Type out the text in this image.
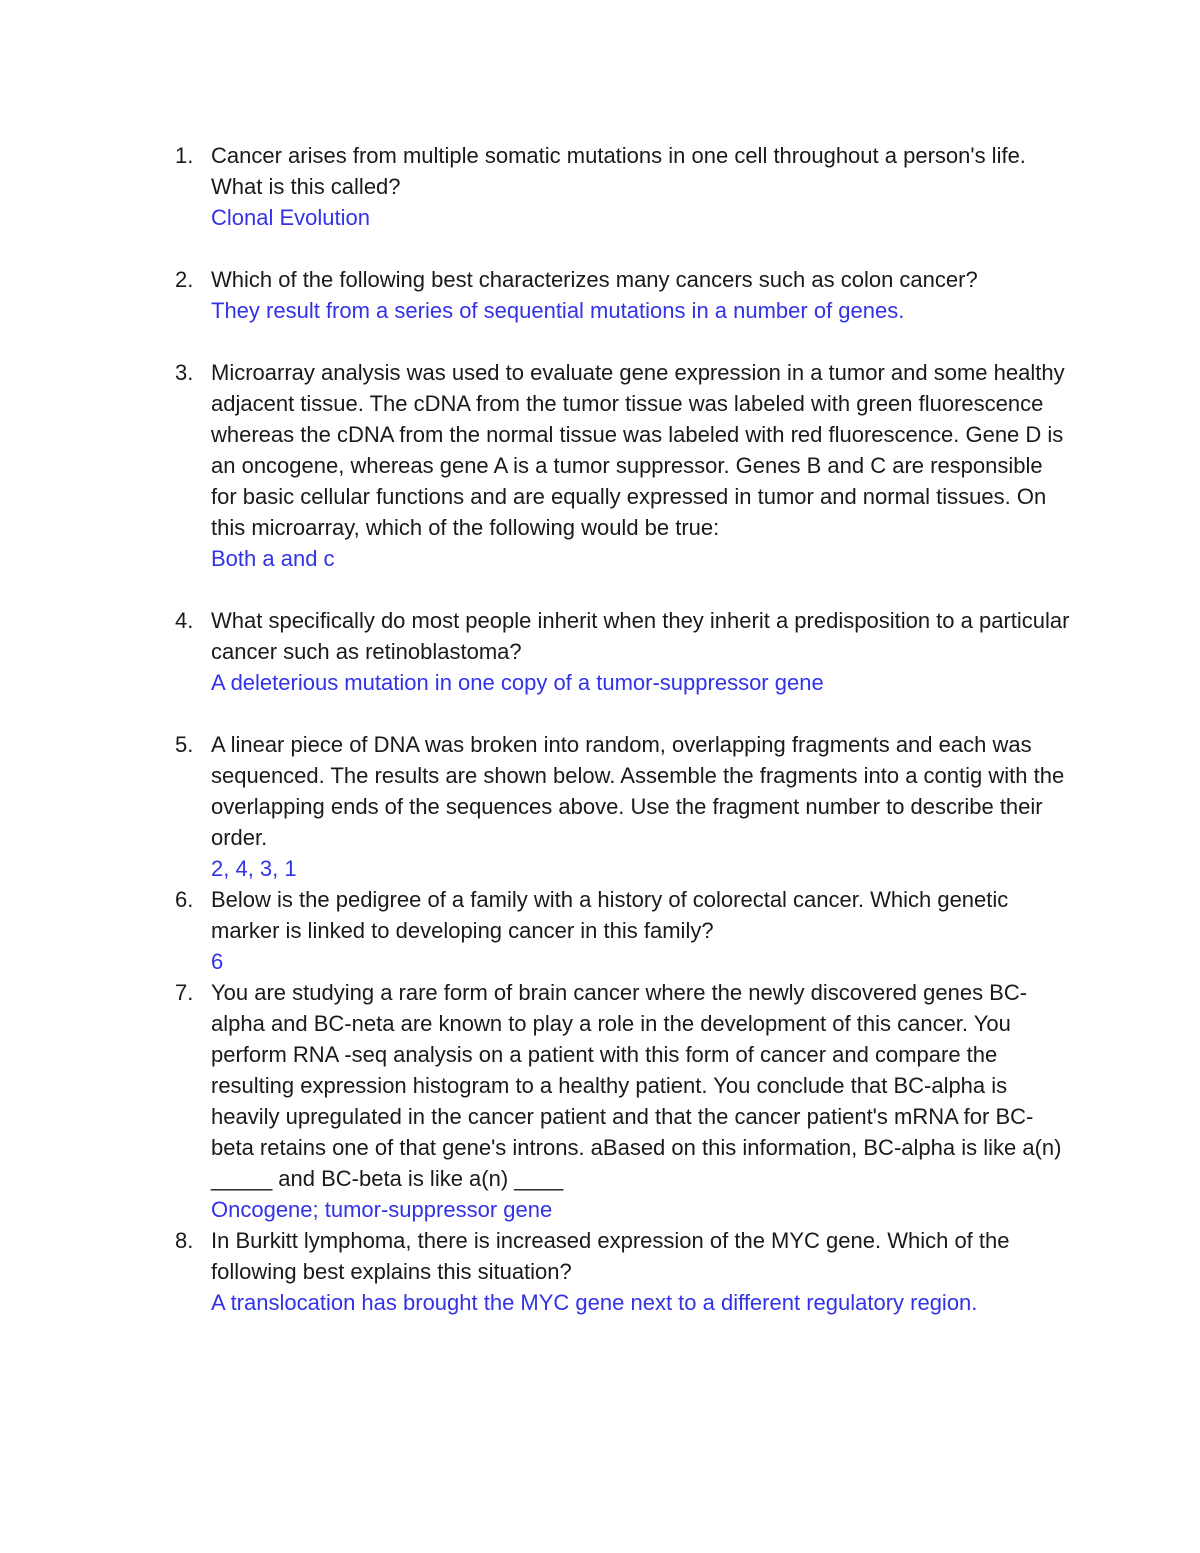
1. Cancer arises from multiple somatic mutations in one cell throughout a person's life. What is this called?
Clonal Evolution
2. Which of the following best characterizes many cancers such as colon cancer?
They result from a series of sequential mutations in a number of genes.
3. Microarray analysis was used to evaluate gene expression in a tumor and some healthy adjacent tissue. The cDNA from the tumor tissue was labeled with green fluorescence whereas the cDNA from the normal tissue was labeled with red fluorescence. Gene D is an oncogene, whereas gene A is a tumor suppressor. Genes B and C are responsible for basic cellular functions and are equally expressed in tumor and normal tissues. On this microarray, which of the following would be true:
Both a and c
4. What specifically do most people inherit when they inherit a predisposition to a particular cancer such as retinoblastoma?
A deleterious mutation in one copy of a tumor-suppressor gene
5. A linear piece of DNA was broken into random, overlapping fragments and each was sequenced. The results are shown below. Assemble the fragments into a contig with the overlapping ends of the sequences above. Use the fragment number to describe their order.
2, 4, 3, 1
6. Below is the pedigree of a family with a history of colorectal cancer. Which genetic marker is linked to developing cancer in this family?
6
7. You are studying a rare form of brain cancer where the newly discovered genes BC-alpha and BC-neta are known to play a role in the development of this cancer. You perform RNA -seq analysis on a patient with this form of cancer and compare the resulting expression histogram to a healthy patient. You conclude that BC-alpha is heavily upregulated in the cancer patient and that the cancer patient's mRNA for BC-beta retains one of that gene's introns. aBased on this information, BC-alpha is like a(n) _____ and BC-beta is like a(n) ____
Oncogene; tumor-suppressor gene
8. In Burkitt lymphoma, there is increased expression of the MYC gene. Which of the following best explains this situation?
A translocation has brought the MYC gene next to a different regulatory region.
